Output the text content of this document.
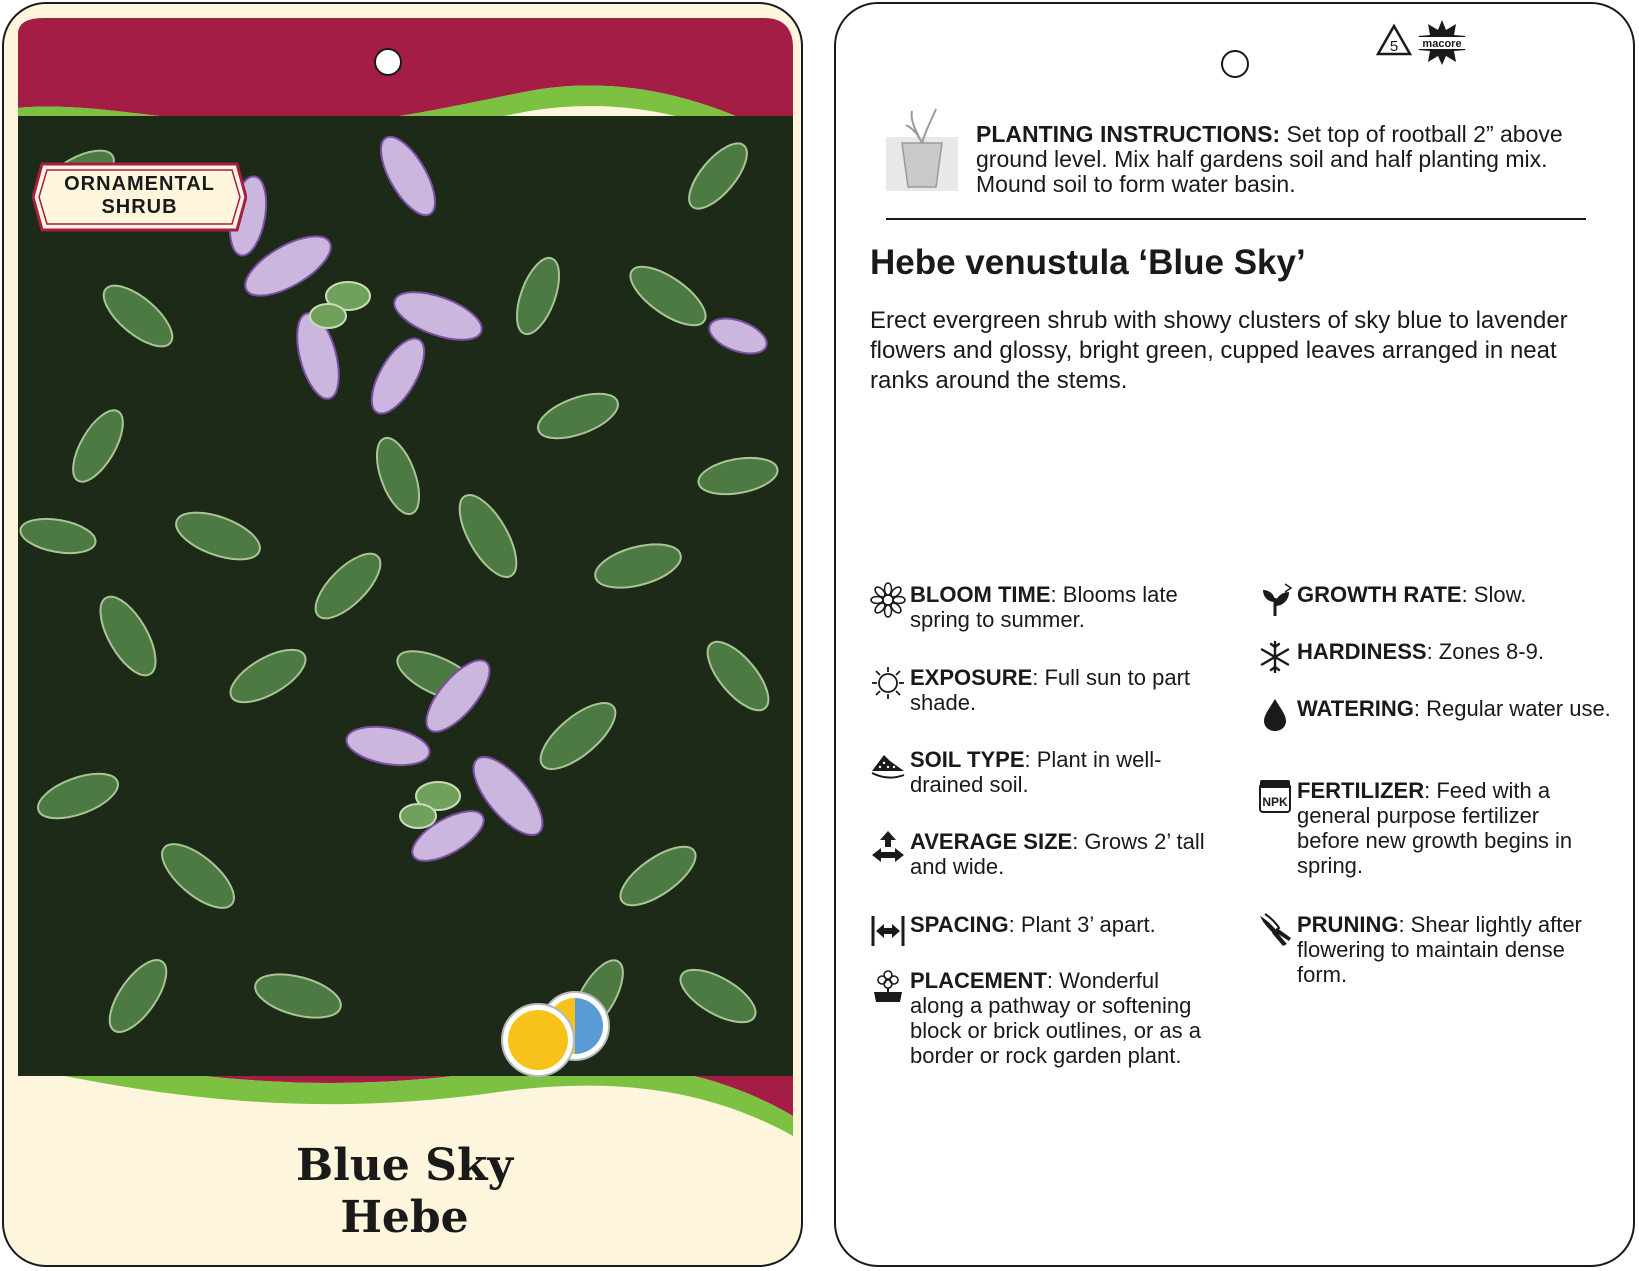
ORNAMENTAL
SHRUB
Blue Sky
Hebe
5 macore
PLANTING INSTRUCTIONS: Set top of rootball 2” above ground level. Mix half gardens soil and half planting mix. Mound soil to form water basin.
Hebe venustula ‘Blue Sky’
Erect evergreen shrub with showy clusters of sky blue to lavender flowers and glossy, bright green, cupped leaves arranged in neat ranks around the stems.
BLOOM TIME: Blooms late spring to summer.
EXPOSURE: Full sun to part shade.
SOIL TYPE: Plant in well-drained soil.
AVERAGE SIZE: Grows 2’ tall and wide.
SPACING: Plant 3’ apart.
PLACEMENT: Wonderful along a pathway or softening block or brick outlines, or as a border or rock garden plant.
GROWTH RATE: Slow.
HARDINESS: Zones 8-9.
WATERING: Regular water use.
NPK FERTILIZER: Feed with a general purpose fertilizer before new growth begins in spring.
PRUNING: Shear lightly after flowering to maintain dense form.
